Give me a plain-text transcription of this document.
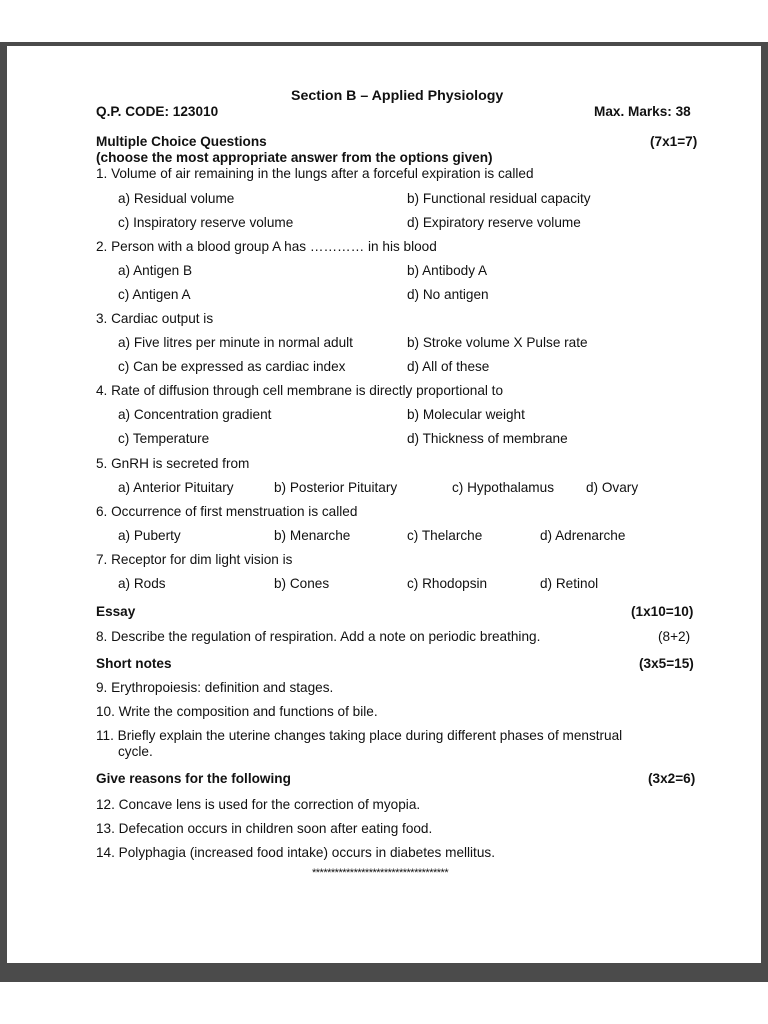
Section B – Applied Physiology
Q.P. CODE: 123010	Max. Marks: 38
Multiple Choice Questions	(7x1=7)
(choose the most appropriate answer from the options given)
1. Volume of air remaining in the lungs after a forceful expiration is called
a) Residual volume	b) Functional residual capacity
c) Inspiratory reserve volume	d) Expiratory reserve volume
2. Person with a blood group A has ………… in his blood
a) Antigen B	b) Antibody A
c) Antigen A	d) No antigen
3. Cardiac output is
a) Five litres per minute in normal adult	b) Stroke volume X Pulse rate
c) Can be expressed as cardiac index	d) All of these
4. Rate of diffusion through cell membrane is directly proportional to
a) Concentration gradient	b) Molecular weight
c) Temperature	d) Thickness of membrane
5. GnRH is secreted from
a) Anterior Pituitary	b) Posterior Pituitary	c) Hypothalamus d) Ovary
6. Occurrence of first menstruation is called
a) Puberty	b) Menarche	c) Thelarche	d) Adrenarche
7. Receptor for dim light vision is
a) Rods	b) Cones	c) Rhodopsin	d) Retinol
Essay	(1x10=10)
8. Describe the regulation of respiration. Add a note on periodic breathing.	(8+2)
Short notes	(3x5=15)
9. Erythropoiesis: definition and stages.
10. Write the composition and functions of bile.
11. Briefly explain the uterine changes taking place during different phases of menstrual
cycle.
Give reasons for the following	(3x2=6)
12. Concave lens is used for the correction of myopia.
13. Defecation occurs in children soon after eating food.
14. Polyphagia (increased food intake) occurs in diabetes mellitus.
************************************
